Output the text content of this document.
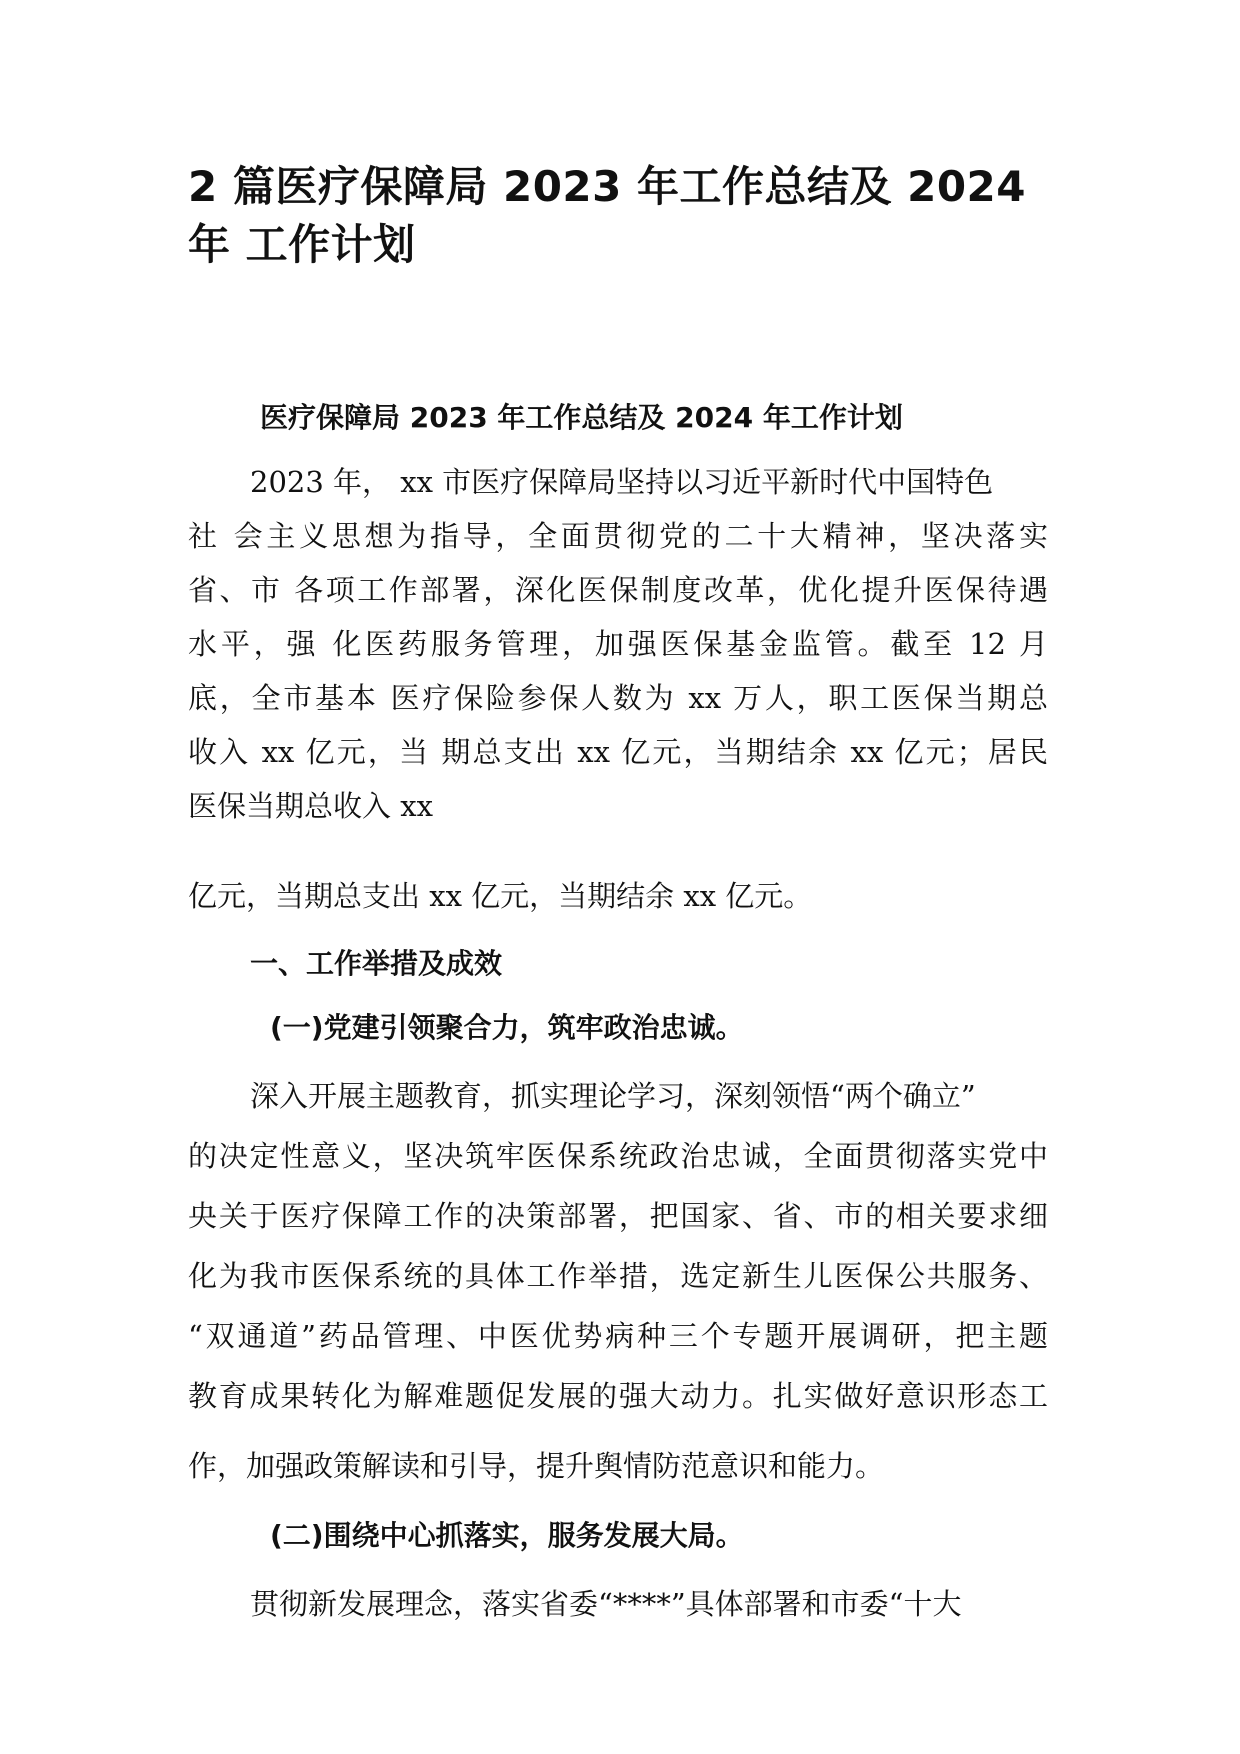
2 篇医疗保障局 2023 年工作总结及 2024
年 工作计划
医疗保障局 2023 年工作总结及 2024 年工作计划

2023 年， xx 市医疗保障局坚持以习近平新时代中国特色

社 会主义思想为指导，全面贯彻党的二十大精神，坚决落实

省、市 各项工作部署，深化医保制度改革，优化提升医保待遇

水平，强 化医药服务管理，加强医保基金监管。截至 12 月

底，全市基本 医疗保险参保人数为 xx 万人，职工医保当期总

收入 xx 亿元，当 期总支出 xx 亿元，当期结余 xx 亿元；居民

医保当期总收入 xx

亿元，当期总支出 xx 亿元，当期结余 xx 亿元。

一、工作举措及成效
(一)党建引领聚合力，筑牢政治忠诚。

深入开展主题教育，抓实理论学习，深刻领悟“两个确立”

的决定性意义，坚决筑牢医保系统政治忠诚，全面贯彻落实党中

央关于医疗保障工作的决策部署，把国家、省、市的相关要求细

化为我市医保系统的具体工作举措，选定新生儿医保公共服务、

“双通道”药品管理、中医优势病种三个专题开展调研，把主题

教育成果转化为解难题促发展的强大动力。扎实做好意识形态工

作，加强政策解读和引导，提升舆情防范意识和能力。

(二)围绕中心抓落实，服务发展大局。

贯彻新发展理念，落实省委“****”具体部署和市委“十大
